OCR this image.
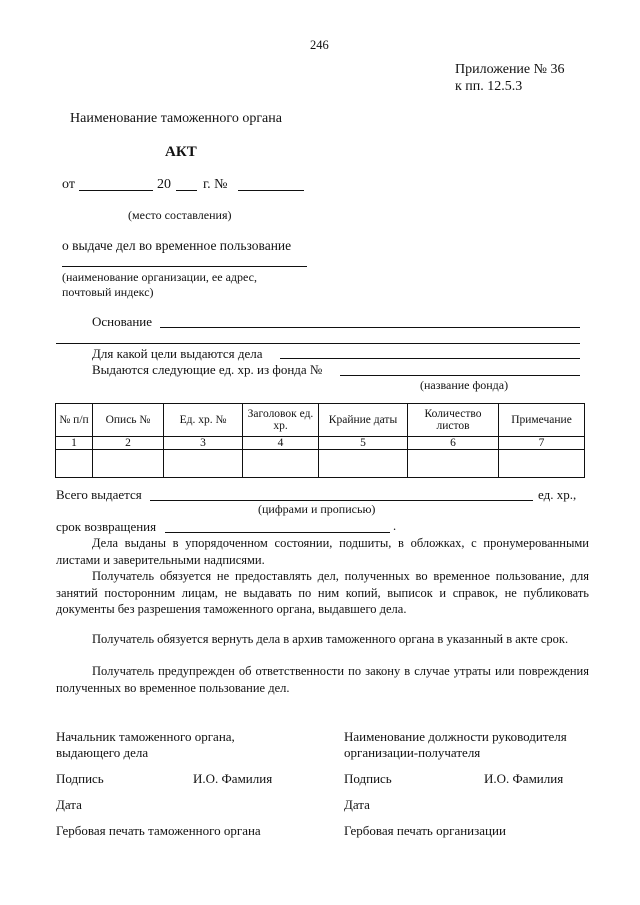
246
Приложение № 36
к пп. 12.5.3
Наименование таможенного органа
АКТ
от	20 г. №
(место составления)
о выдаче дел во временное пользование
(наименование организации, ее адрес,
почтовый индекс)
Основание
Для какой цели выдаются дела
Выдаются следующие ед. хр. из фонда №
(название фонда)
№ п/п	Опись №	Ед. хр. №	Заголовок ед. хр.	Крайние даты	Количество листов	Примечание
1	2	3	4	5	6	7

Всего выдается	ед. хр.,
(цифрами и прописью)
срок возвращения	.
Дела выданы в упорядоченном состоянии, подшиты, в обложках, с пронумерованными листами и заверительными надписями.
Получатель обязуется не предоставлять дел, полученных во временное пользование, для занятий посторонним лицам, не выдавать по ним копий, выписок и справок, не публиковать документы без разрешения таможенного органа, выдавшего дела.
Получатель обязуется вернуть дела в архив таможенного органа в указанный в акте срок.
Получатель предупрежден об ответственности по закону в случае утраты или повреждения полученных во временное пользование дел.
Начальник таможенного органа,
выдающего дела
Подпись	И.О. Фамилия
Дата
Гербовая печать таможенного органа
Наименование должности руководителя
организации-получателя
Подпись	И.О. Фамилия
Дата
Гербовая печать организации
